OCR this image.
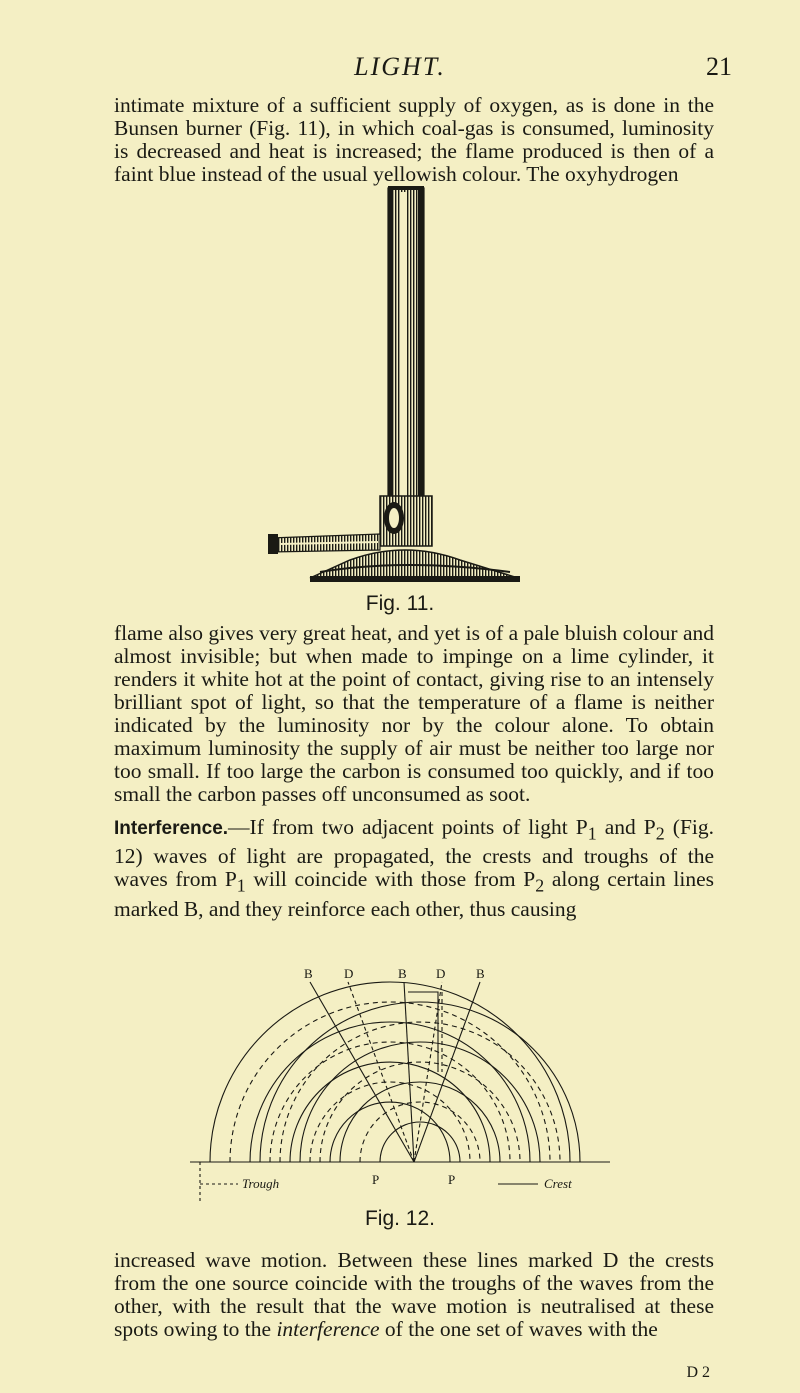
LIGHT.	21

intimate mixture of a sufficient supply of oxygen, as is done in the Bunsen burner (Fig. 11), in which coal-gas is consumed, luminosity is decreased and heat is increased; the flame produced is then of a faint blue instead of the usual yellowish colour. The oxyhydrogen

Fig. 11.

flame also gives very great heat, and yet is of a pale bluish colour and almost invisible; but when made to impinge on a lime cylinder, it renders it white hot at the point of contact, giving rise to an intensely brilliant spot of light, so that the temperature of a flame is neither indicated by the luminosity nor by the colour alone. To obtain maximum luminosity the supply of air must be neither too large nor too small. If too large the carbon is consumed too quickly, and if too small the carbon passes off unconsumed as soot.

Interference.—If from two adjacent points of light $P_1$ and $P_2$ (Fig. 12) waves of light are propagated, the crests and troughs of the waves from $P_1$ will coincide with those from $P_2$ along certain lines marked B, and they reinforce each other, thus causing

B D	B D B
Trough	P	P	Crest
Fig. 12.

increased wave motion. Between these lines marked D the crests from the one source coincide with the troughs of the waves from the other, with the result that the wave motion is neutralised at these spots owing to the interference of the one set of waves with the

D 2
